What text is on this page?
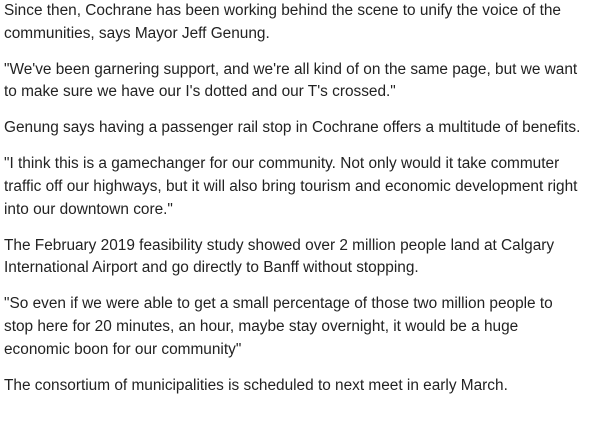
Since then, Cochrane has been working behind the scene to unify the voice of the
communities, says Mayor Jeff Genung.

"We've been garnering support, and we're all kind of on the same page, but we want
to make sure we have our I's dotted and our T's crossed."

Genung says having a passenger rail stop in Cochrane offers a multitude of benefits.

"I think this is a gamechanger for our community. Not only would it take commuter
traffic off our highways, but it will also bring tourism and economic development right
into our downtown core."

The February 2019 feasibility study showed over 2 million people land at Calgary
International Airport and go directly to Banff without stopping.

"So even if we were able to get a small percentage of those two million people to
stop here for 20 minutes, an hour, maybe stay overnight, it would be a huge
economic boon for our community"

The consortium of municipalities is scheduled to next meet in early March.
